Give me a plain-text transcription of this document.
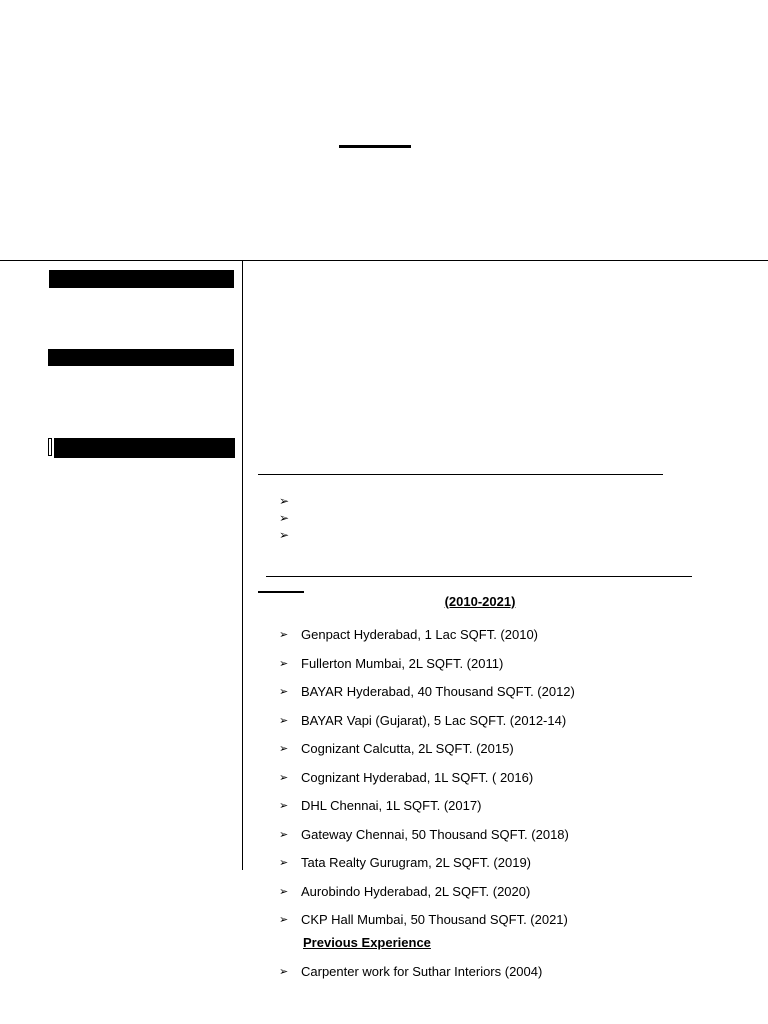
➢
➢
➢
(2010-2021)
➢ Genpact Hyderabad, 1 Lac SQFT. (2010)
➢ Fullerton Mumbai, 2L SQFT. (2011)
➢ BAYAR Hyderabad, 40 Thousand SQFT. (2012)
➢ BAYAR Vapi (Gujarat), 5 Lac SQFT. (2012-14)
➢ Cognizant Calcutta, 2L SQFT. (2015)
➢ Cognizant Hyderabad, 1L SQFT. ( 2016)
➢ DHL Chennai, 1L SQFT. (2017)
➢ Gateway Chennai, 50 Thousand SQFT. (2018)
➢ Tata Realty Gurugram, 2L SQFT. (2019)
➢ Aurobindo Hyderabad, 2L SQFT. (2020)
➢ CKP Hall Mumbai, 50 Thousand SQFT. (2021)
Previous Experience
➢ Carpenter work for Suthar Interiors (2004)
